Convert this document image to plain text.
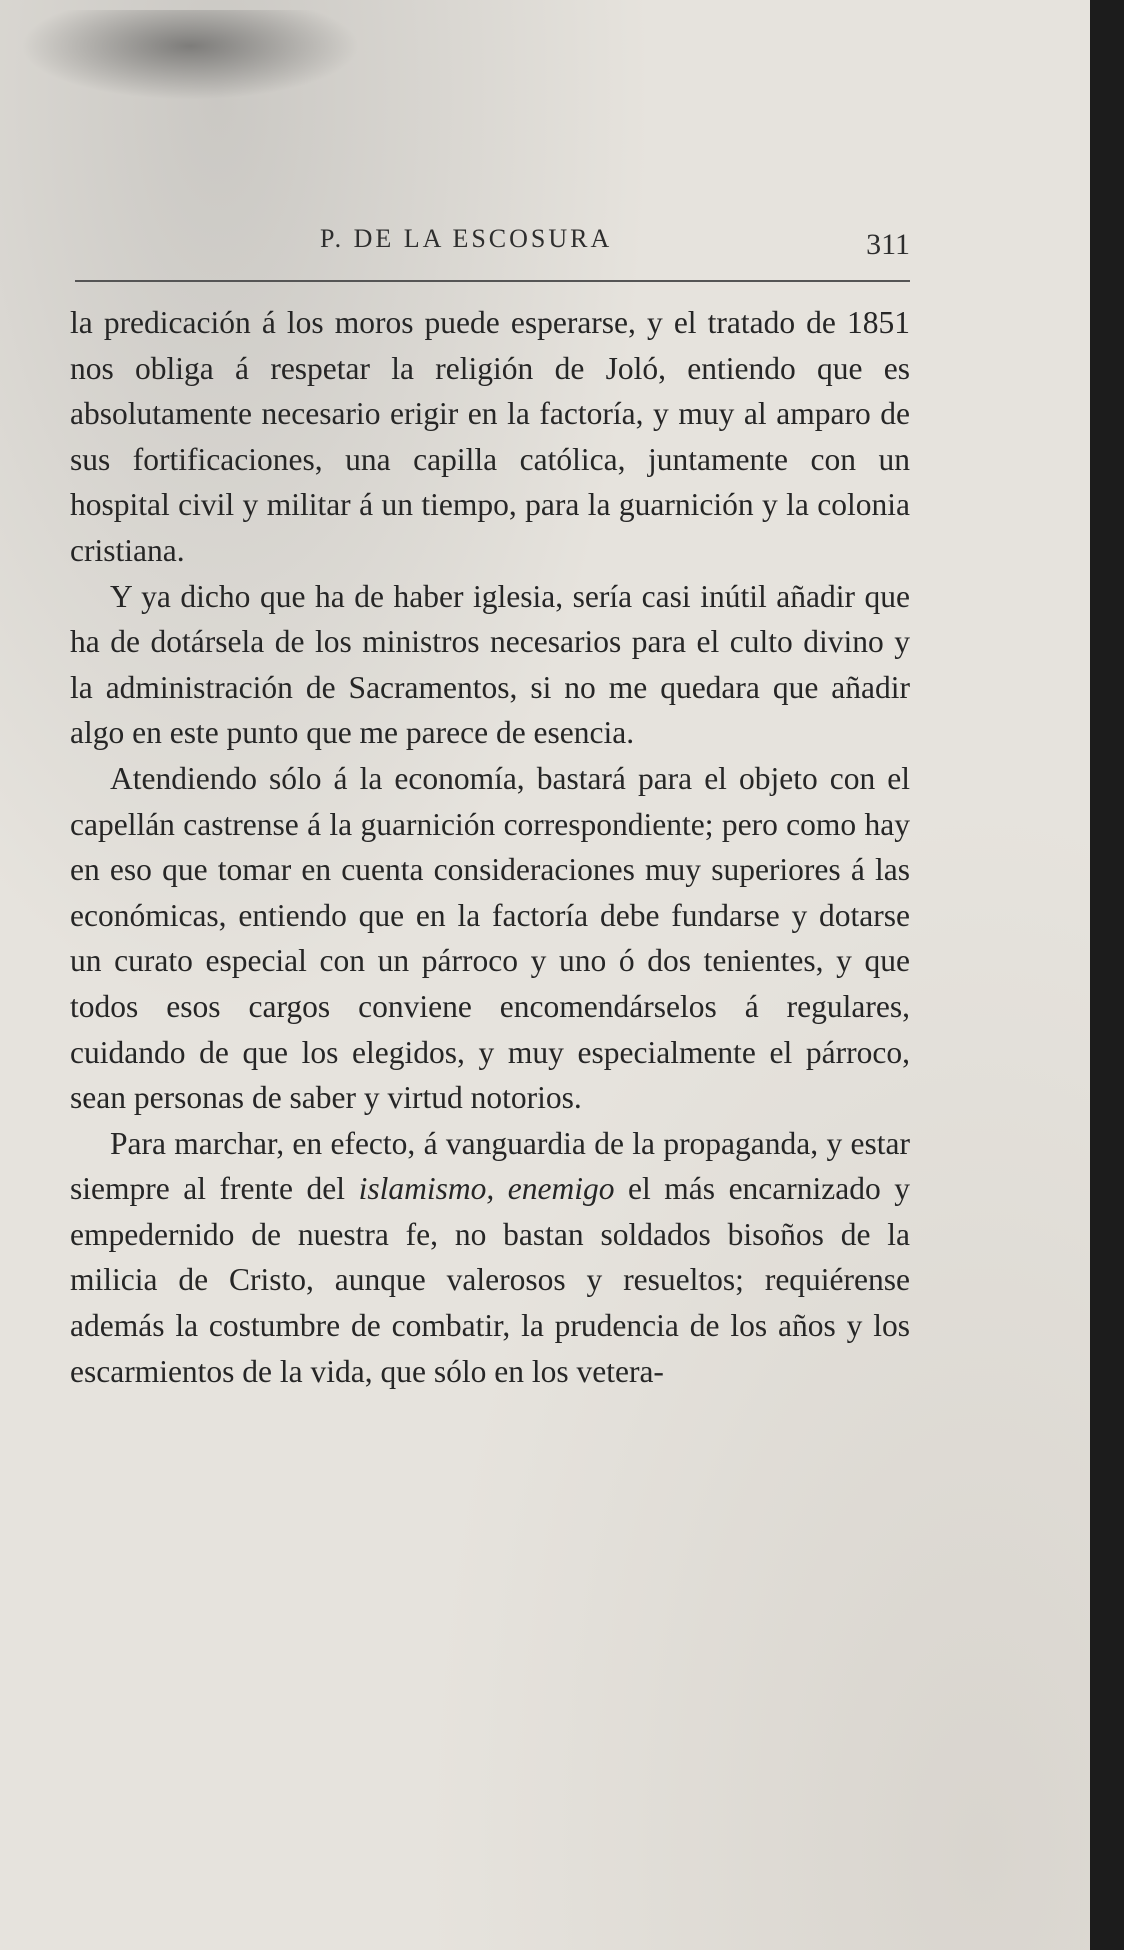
P. DE LA ESCOSURA	311

la predicación á los moros puede esperarse, y el tratado de 1851 nos obliga á respetar la religión de Joló, entiendo que es absolutamente necesario erigir en la factoría, y muy al amparo de sus fortificaciones, una capilla católica, juntamente con un hospital civil y militar á un tiempo, para la guarnición y la colonia cristiana.

Y ya dicho que ha de haber iglesia, sería casi inútil añadir que ha de dotársela de los ministros necesarios para el culto divino y la administración de Sacramentos, si no me quedara que añadir algo en este punto que me parece de esencia.

Atendiendo sólo á la economía, bastará para el objeto con el capellán castrense á la guarnición correspondiente; pero como hay en eso que tomar en cuenta consideraciones muy superiores á las económicas, entiendo que en la factoría debe fundarse y dotarse un curato especial con un párroco y uno ó dos tenientes, y que todos esos cargos conviene encomendárselos á regulares, cuidando de que los elegidos, y muy especialmente el párroco, sean personas de saber y virtud notorios.

Para marchar, en efecto, á vanguardia de la propaganda, y estar siempre al frente del islamismo, enemigo el más encarnizado y empedernido de nuestra fe, no bastan soldados bisoños de la milicia de Cristo, aunque valerosos y resueltos; requiérense además la costumbre de combatir, la prudencia de los años y los escarmientos de la vida, que sólo en los vetera-
